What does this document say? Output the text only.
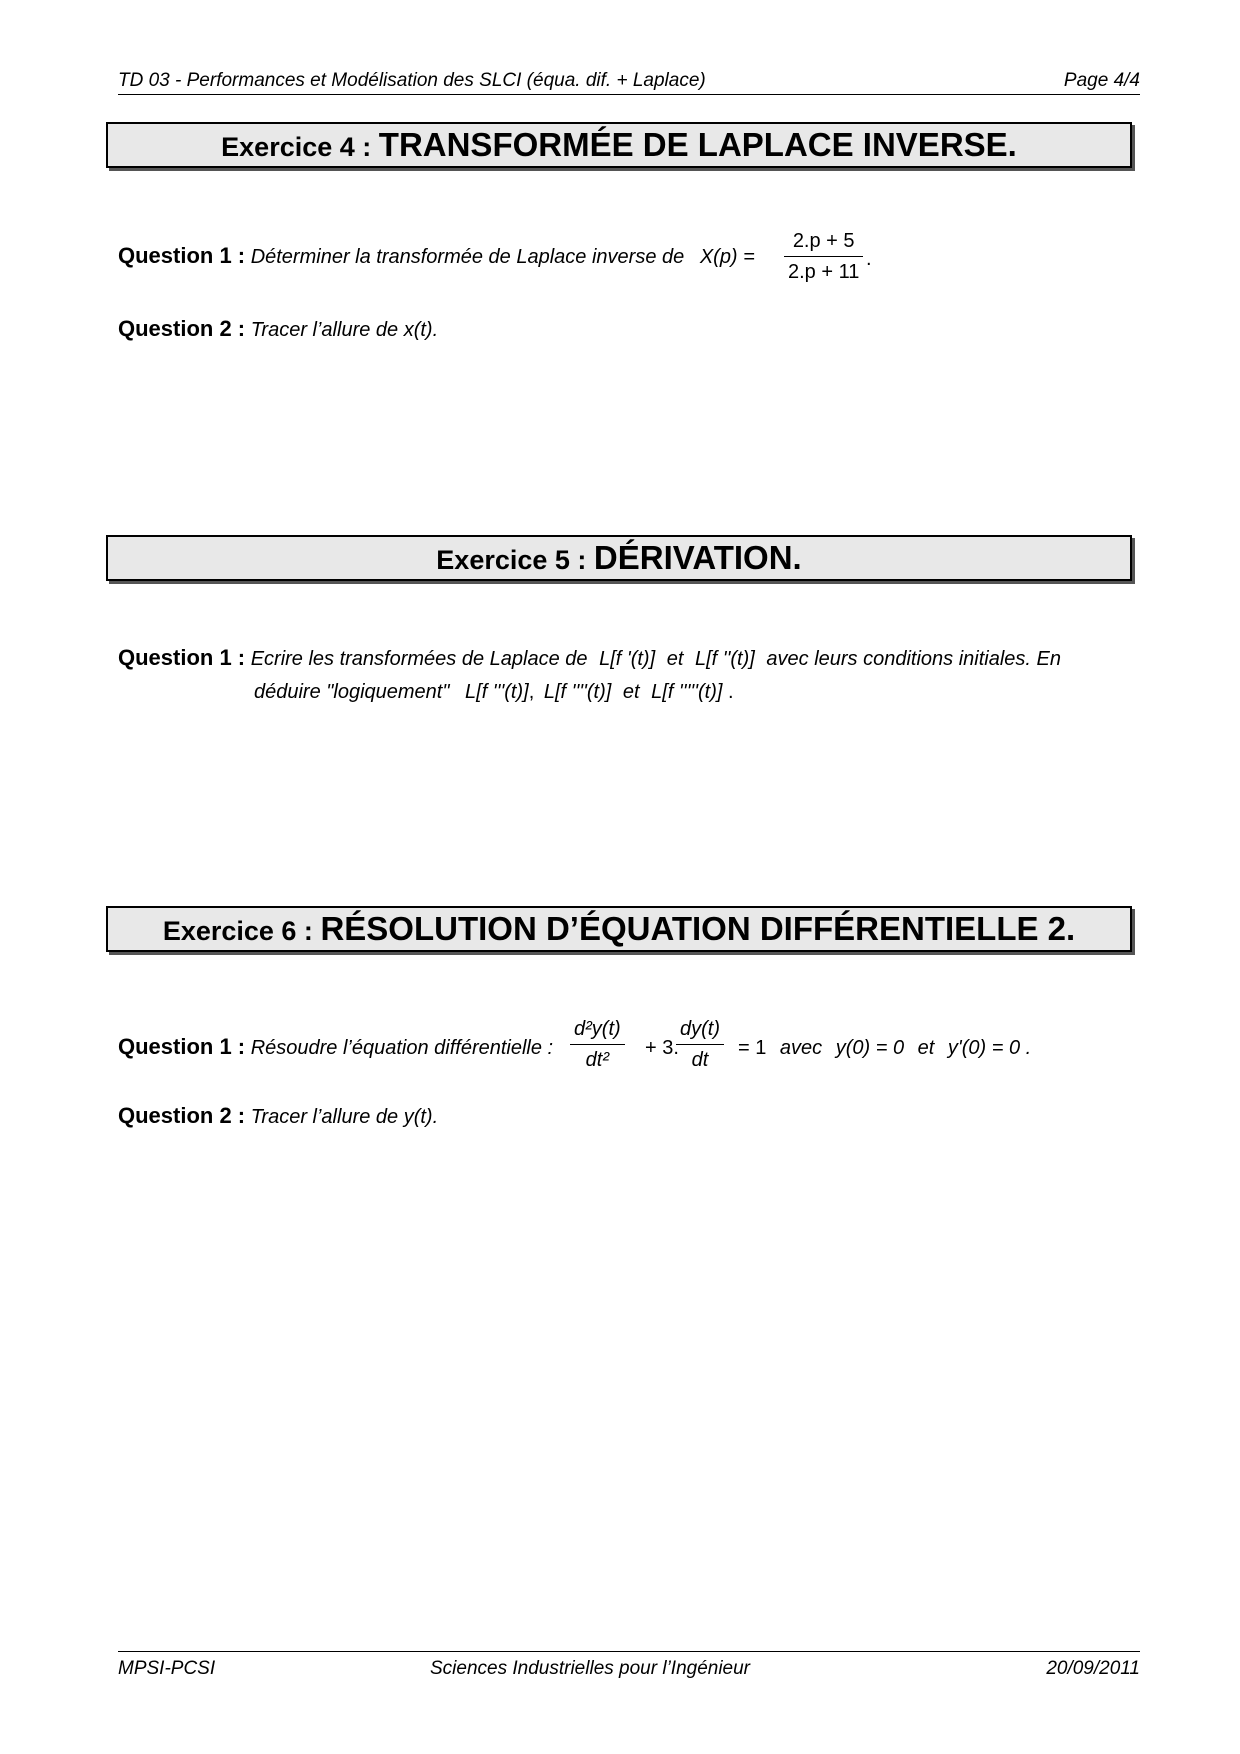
TD 03 - Performances et Modélisation des SLCI (équa. dif. + Laplace)	Page 4/4
Exercice 4 : TRANSFORMÉE DE LAPLACE INVERSE.
Question 1 : Déterminer la transformée de Laplace inverse de $X(p) = \frac{2.p + 5}{2.p + 11}$ .
Question 2 : Tracer l’allure de x(t).
Exercice 5 : DÉRIVATION.
Question 1 : Ecrire les transformées de Laplace de L[f '(t)] et L[f ''(t)] avec leurs conditions initiales. En
déduire "logiquement" L[f '''(t)], L[f ''''(t)] et L[f '''''(t)] .
Exercice 6 : RÉSOLUTION D’ÉQUATION DIFFÉRENTIELLE 2.
Question 1 : Résoudre l’équation différentielle : $\frac{\text{d²y(t)}}{\text{dt²}} + 3$.
$\frac{dy(t)}{dt} = 1$ avec y(0) = 0 et y'(0) = 0 .
Question 2 : Tracer l’allure de y(t).
MPSI-PCSI	Sciences Industrielles pour l’Ingénieur	20/09/2011
